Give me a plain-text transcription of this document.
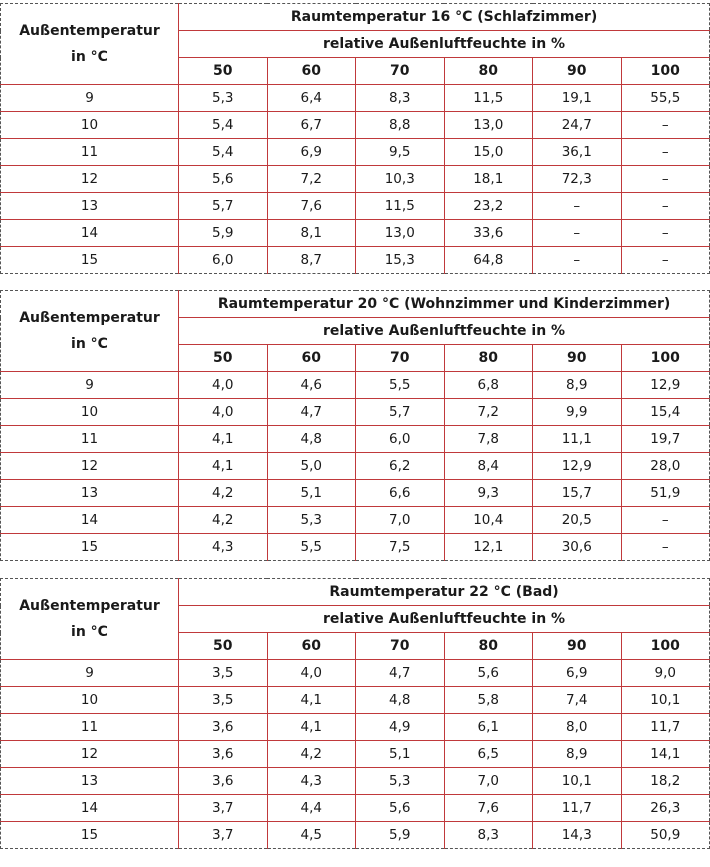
Außentemperatur
in °C	Raumtemperatur 16 °C (Schlafzimmer)					
	relative Außenluftfeuchte in %					
	50	60	70	80	90	100
9	5,3	6,4	8,3	11,5	19,1	55,5
10	5,4	6,7	8,8	13,0	24,7	–
11	5,4	6,9	9,5	15,0	36,1	–
12	5,6	7,2	10,3	18,1	72,3	–
13	5,7	7,6	11,5	23,2	–	–
14	5,9	8,1	13,0	33,6	–	–
15	6,0	8,7	15,3	64,8	–	–
Außentemperatur
in °C	Raumtemperatur 20 °C (Wohnzimmer und Kinderzimmer)					
	relative Außenluftfeuchte in %					
	50	60	70	80	90	100
9	4,0	4,6	5,5	6,8	8,9	12,9
10	4,0	4,7	5,7	7,2	9,9	15,4
11	4,1	4,8	6,0	7,8	11,1	19,7
12	4,1	5,0	6,2	8,4	12,9	28,0
13	4,2	5,1	6,6	9,3	15,7	51,9
14	4,2	5,3	7,0	10,4	20,5	–
15	4,3	5,5	7,5	12,1	30,6	–
Außentemperatur
in °C	Raumtemperatur 22 °C (Bad)					
	relative Außenluftfeuchte in %					
	50	60	70	80	90	100
9	3,5	4,0	4,7	5,6	6,9	9,0
10	3,5	4,1	4,8	5,8	7,4	10,1
11	3,6	4,1	4,9	6,1	8,0	11,7
12	3,6	4,2	5,1	6,5	8,9	14,1
13	3,6	4,3	5,3	7,0	10,1	18,2
14	3,7	4,4	5,6	7,6	11,7	26,3
15	3,7	4,5	5,9	8,3	14,3	50,9
